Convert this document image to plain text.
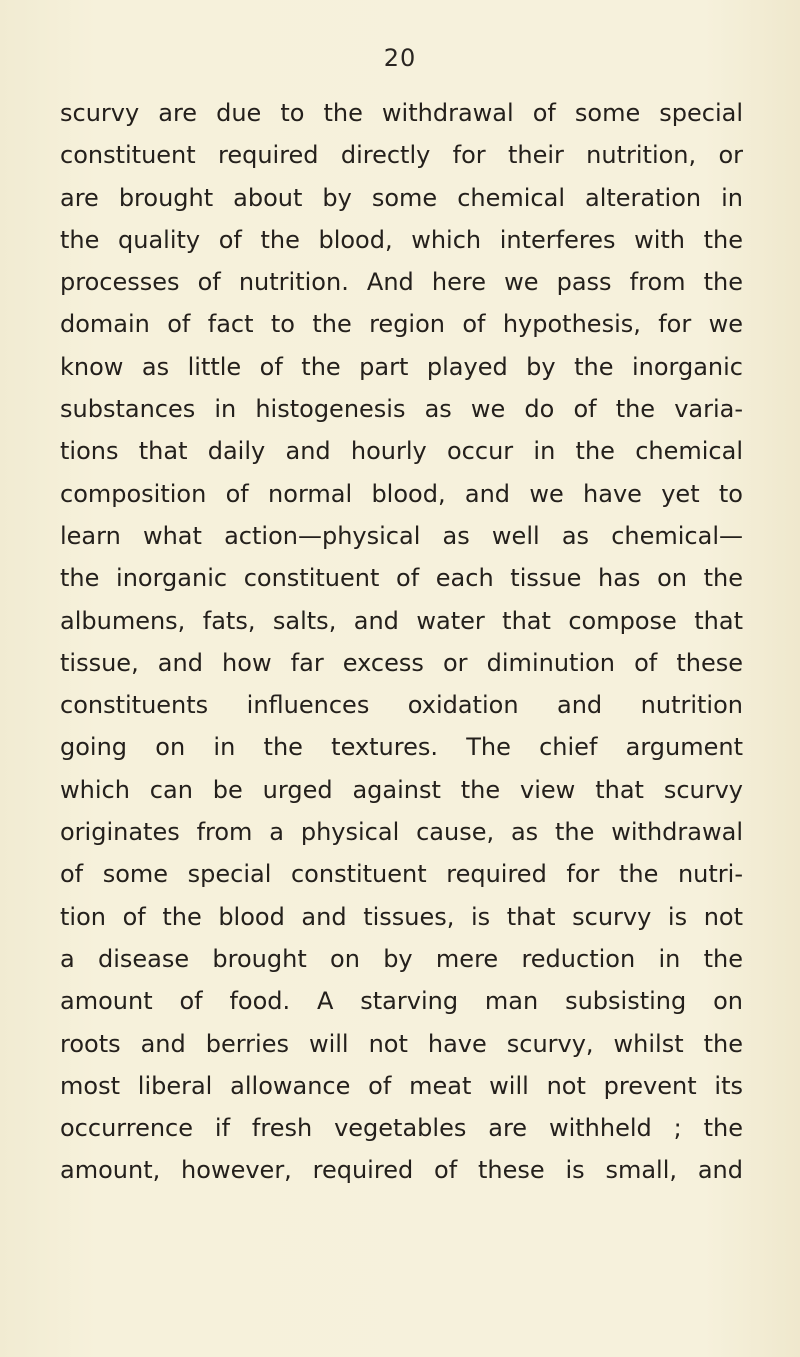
20
scurvy are due to the withdrawal of some special
constituent required directly for their nutrition, or
are brought about by some chemical alteration in
the quality of the blood, which interferes with the
processes of nutrition. And here we pass from the
domain of fact to the region of hypothesis, for we
know as little of the part played by the inorganic
substances in histogenesis as we do of the varia-
tions that daily and hourly occur in the chemical
composition of normal blood, and we have yet to
learn what action—physical as well as chemical—
the inorganic constituent of each tissue has on the
albumens, fats, salts, and water that compose that
tissue, and how far excess or diminution of these
constituents influences oxidation and nutrition
going on in the textures. The chief argument
which can be urged against the view that scurvy
originates from a physical cause, as the withdrawal
of some special constituent required for the nutri-
tion of the blood and tissues, is that scurvy is not
a disease brought on by mere reduction in the
amount of food. A starving man subsisting on
roots and berries will not have scurvy, whilst the
most liberal allowance of meat will not prevent its
occurrence if fresh vegetables are withheld ; the
amount, however, required of these is small, and
